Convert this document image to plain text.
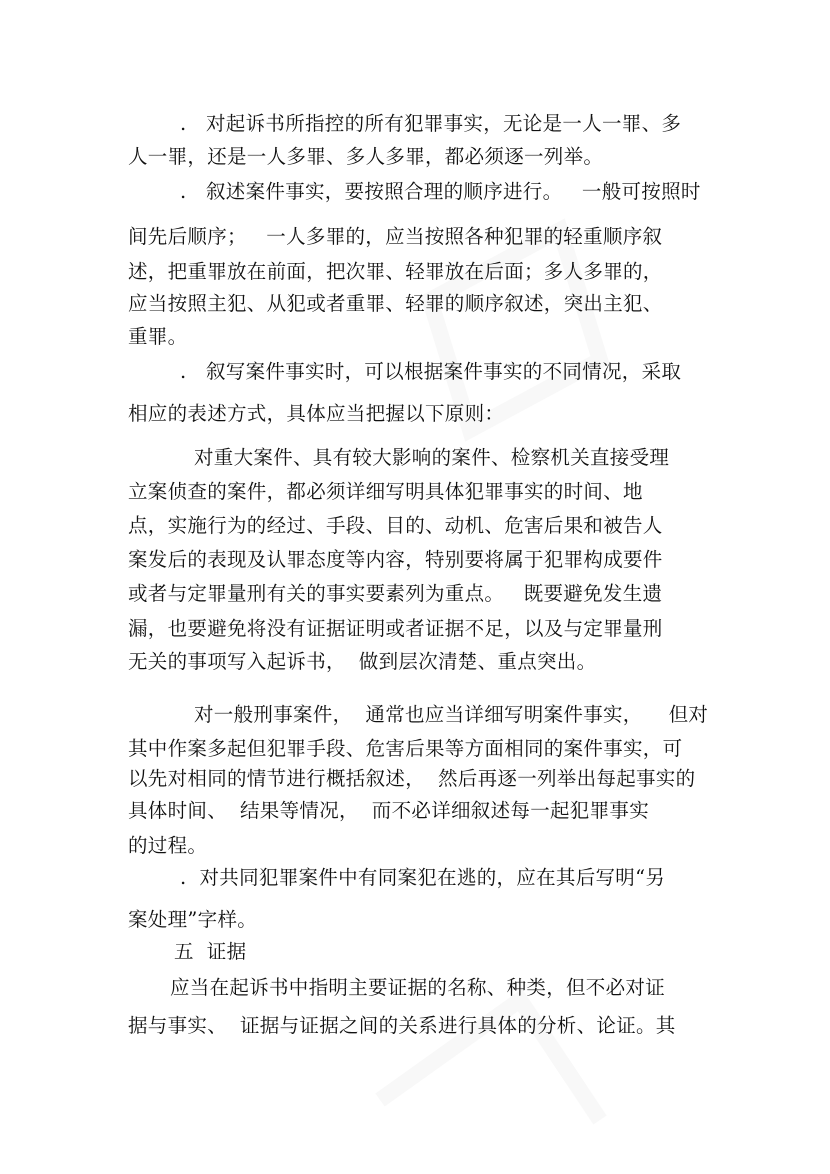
.   对起诉书所指控的所有犯罪事实，无论是一人一罪、多
人一罪，还是一人多罪、多人多罪，都必须逐一列举。
.   叙述案件事实，要按照合理的顺序进行。   一般可按照时
间先后顺序；   一人多罪的，应当按照各种犯罪的轻重顺序叙
述，把重罪放在前面，把次罪、轻罪放在后面；多人多罪的，
应当按照主犯、从犯或者重罪、轻罪的顺序叙述，突出主犯、
重罪。
.   叙写案件事实时，可以根据案件事实的不同情况，采取
相应的表述方式，具体应当把握以下原则：
对重大案件、具有较大影响的案件、检察机关直接受理
立案侦查的案件，都必须详细写明具体犯罪事实的时间、地
点，实施行为的经过、手段、目的、动机、危害后果和被告人
案发后的表现及认罪态度等内容，特别要将属于犯罪构成要件
或者与定罪量刑有关的事实要素列为重点。   既要避免发生遗
漏，也要避免将没有证据证明或者证据不足，以及与定罪量刑
无关的事项写入起诉书，  做到层次清楚、重点突出。
对一般刑事案件，  通常也应当详细写明案件事实，    但对
其中作案多起但犯罪手段、危害后果等方面相同的案件事实，可
以先对相同的情节进行概括叙述，  然后再逐一列举出每起事实的
具体时间、  结果等情况，  而不必详细叙述每一起犯罪事实
的过程。
.  对共同犯罪案件中有同案犯在逃的，应在其后写明“另
案处理”字样。
五  证据
应当在起诉书中指明主要证据的名称、种类，但不必对证
据与事实、  证据与证据之间的关系进行具体的分析、论证。其
